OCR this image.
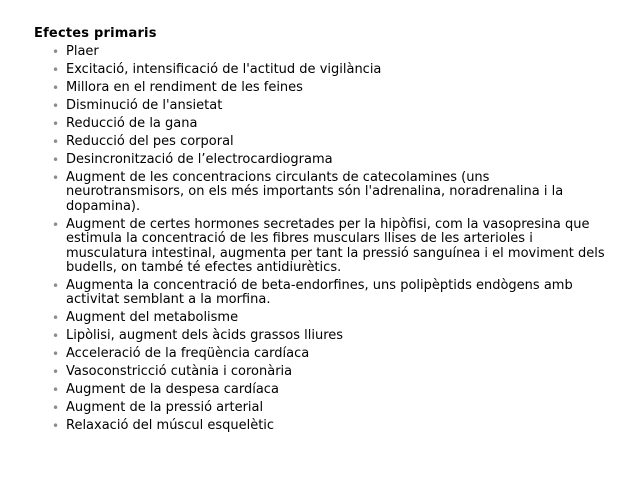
Efectes primaris
• Plaer
• Excitació, intensificació de l'actitud de vigilància
• Millora en el rendiment de les feines
• Disminució de l'ansietat
• Reducció de la gana
• Reducció del pes corporal
• Desincronització de l’electrocardiograma
• Augment de les concentracions circulants de catecolamines (uns neurotransmisors, on els més importants són l'adrenalina, noradrenalina i la dopamina).
• Augment de certes hormones secretades per la hipòfisi, com la vasopresina que estimula la concentració de les fibres musculars llises de les arterioles i musculatura intestinal, augmenta per tant la pressió sanguínea i el moviment dels budells, on també té efectes antidiurètics.
• Augmenta la concentració de beta-endorfines, uns polipèptids endògens amb activitat semblant a la morfina.
• Augment del metabolisme
• Lipòlisi, augment dels àcids grassos lliures
• Acceleració de la freqüència cardíaca
• Vasoconstricció cutània i coronària
• Augment de la despesa cardíaca
• Augment de la pressió arterial
• Relaxació del múscul esquelètic
